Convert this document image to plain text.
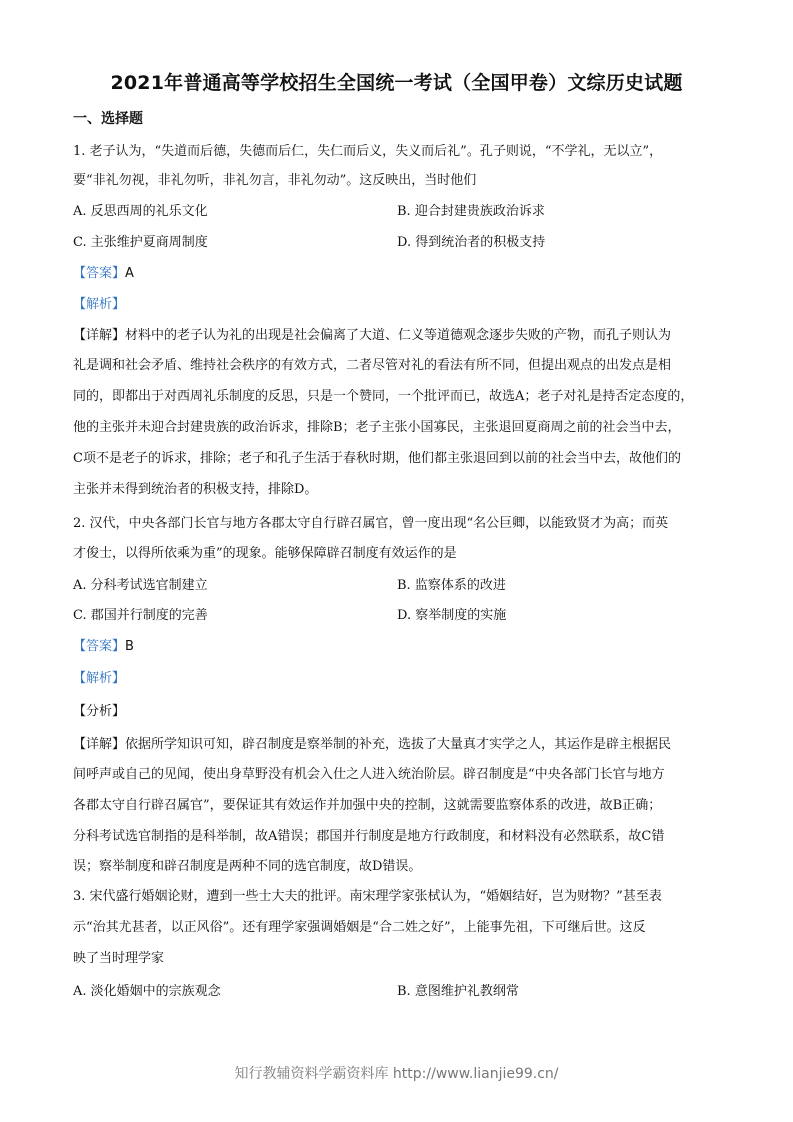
2021年普通高等学校招生全国统一考试（全国甲卷）文综历史试题
一、选择题
1. 老子认为，“失道而后德，失德而后仁，失仁而后义，失义而后礼”。孔子则说，“不学礼，无以立”，
要“非礼勿视，非礼勿听，非礼勿言，非礼勿动”。这反映出，当时他们
A. 反思西周的礼乐文化	B. 迎合封建贵族政治诉求
C. 主张维护夏商周制度	D. 得到统治者的积极支持
【答案】A
【解析】
【详解】材料中的老子认为礼的出现是社会偏离了大道、仁义等道德观念逐步失败的产物，而孔子则认为
礼是调和社会矛盾、维持社会秩序的有效方式，二者尽管对礼的看法有所不同，但提出观点的出发点是相
同的，即都出于对西周礼乐制度的反思，只是一个赞同，一个批评而已，故选A；老子对礼是持否定态度的，
他的主张并未迎合封建贵族的政治诉求，排除B；老子主张小国寡民，主张退回夏商周之前的社会当中去，
C项不是老子的诉求，排除；老子和孔子生活于春秋时期，他们都主张退回到以前的社会当中去，故他们的
主张并未得到统治者的积极支持，排除D。
2. 汉代，中央各部门长官与地方各郡太守自行辟召属官，曾一度出现“名公巨卿，以能致贤才为高；而英
才俊士，以得所依乘为重”的现象。能够保障辟召制度有效运作的是
A. 分科考试选官制建立	B. 监察体系的改进
C. 郡国并行制度的完善	D. 察举制度的实施
【答案】B
【解析】
【分析】
【详解】依据所学知识可知，辟召制度是察举制的补充，选拔了大量真才实学之人，其运作是辟主根据民
间呼声或自己的见闻，使出身草野没有机会入仕之人进入统治阶层。辟召制度是“中央各部门长官与地方
各郡太守自行辟召属官”，要保证其有效运作并加强中央的控制，这就需要监察体系的改进，故B正确；
分科考试选官制指的是科举制，故A错误；郡国并行制度是地方行政制度，和材料没有必然联系，故C错
误；察举制度和辟召制度是两种不同的选官制度，故D错误。
3. 宋代盛行婚姻论财，遭到一些士大夫的批评。南宋理学家张栻认为，“婚姻结好，岂为财物？”甚至表
示“治其尤甚者，以正风俗”。还有理学家强调婚姻是“合二姓之好”，上能事先祖，下可继后世。这反
映了当时理学家
A. 淡化婚姻中的宗族观念	B. 意图维护礼教纲常
知行教辅资料学霸资料库 http://www.lianjie99.cn/
